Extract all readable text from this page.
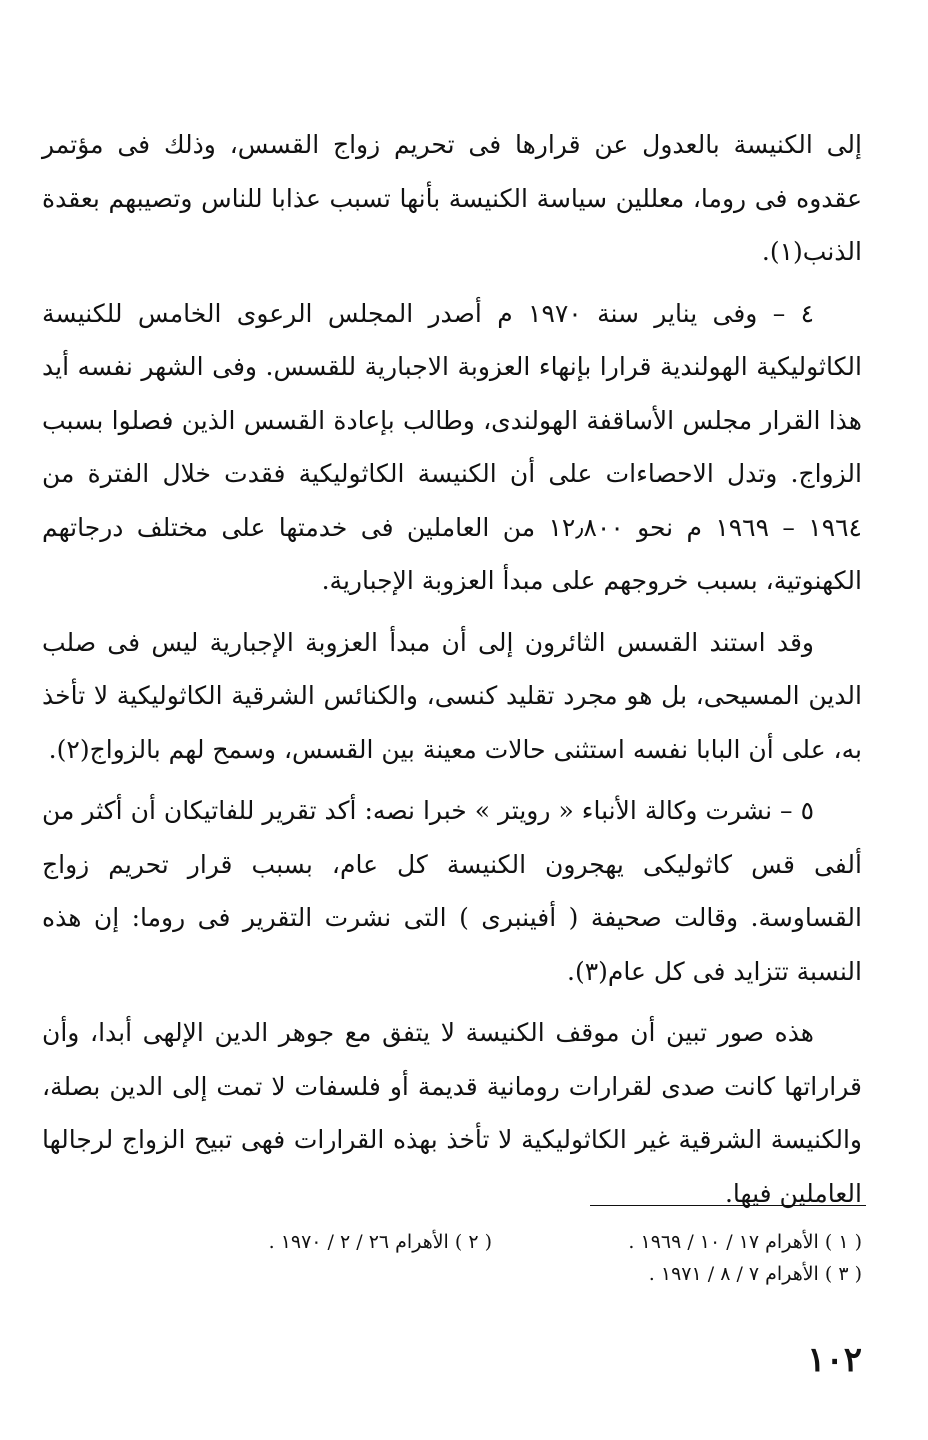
إلى الكنيسة بالعدول عن قرارها فى تحريم زواج القسس، وذلك فى مؤتمر عقدوه فى روما، معللين سياسة الكنيسة بأنها تسبب عذابا للناس وتصيبهم بعقدة الذنب(١).

٤ – وفى يناير سنة ١٩٧٠ م أصدر المجلس الرعوى الخامس للكنيسة الكاثوليكية الهولندية قرارا بإنهاء العزوبة الاجبارية للقسس. وفى الشهر نفسه أيد هذا القرار مجلس الأساقفة الهولندى، وطالب بإعادة القسس الذين فصلوا بسبب الزواج. وتدل الاحصاءات على أن الكنيسة الكاثوليكية فقدت خلال الفترة من ١٩٦٤ – ١٩٦٩ م نحو ١٢٫٨٠٠ من العاملين فى خدمتها على مختلف درجاتهم الكهنوتية، بسبب خروجهم على مبدأ العزوبة الإجبارية.

وقد استند القسس الثائرون إلى أن مبدأ العزوبة الإجبارية ليس فى صلب الدين المسيحى، بل هو مجرد تقليد كنسى، والكنائس الشرقية الكاثوليكية لا تأخذ به، على أن البابا نفسه استثنى حالات معينة بين القسس، وسمح لهم بالزواج(٢).

٥ – نشرت وكالة الأنباء « رويتر » خبرا نصه: أكد تقرير للفاتيكان أن أكثر من ألفى قس كاثوليكى يهجرون الكنيسة كل عام، بسبب قرار تحريم زواج القساوسة. وقالت صحيفة ( أفينبرى ) التى نشرت التقرير فى روما: إن هذه النسبة تتزايد فى كل عام(٣).

هذه صور تبين أن موقف الكنيسة لا يتفق مع جوهر الدين الإلهى أبدا، وأن قراراتها كانت صدى لقرارات رومانية قديمة أو فلسفات لا تمت إلى الدين بصلة، والكنيسة الشرقية غير الكاثوليكية لا تأخذ بهذه القرارات فهى تبيح الزواج لرجالها العاملين فيها.

( ١ ) الأهرام ١٧ / ١٠ / ١٩٦٩ .
( ٢ ) الأهرام ٢٦ / ٢ / ١٩٧٠ .
( ٣ ) الأهرام ٧ / ٨ / ١٩٧١ .
١٠٢
